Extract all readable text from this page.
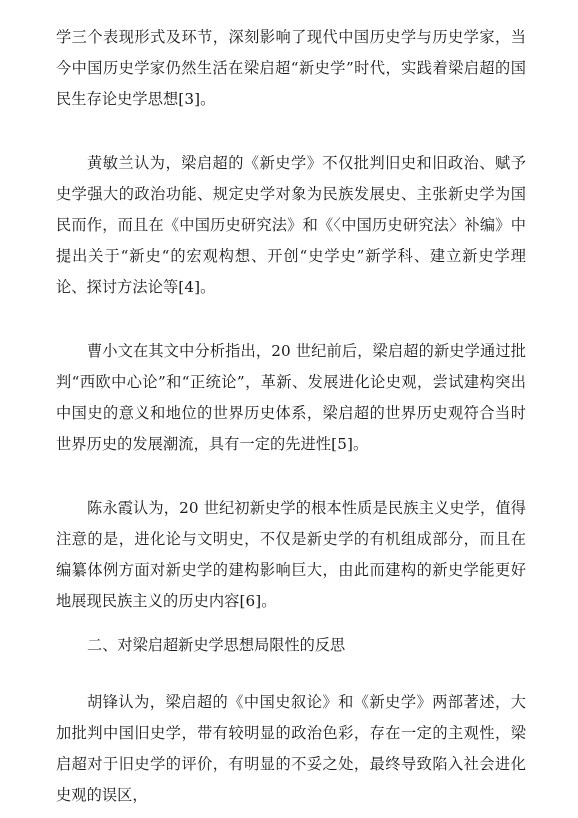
学三个表现形式及环节，深刻影响了现代中国历史学与历史学家，当今中国历史学家仍然生活在梁启超“新史学”时代，实践着梁启超的国民生存论史学思想[3]。

黄敏兰认为，梁启超的《新史学》不仅批判旧史和旧政治、赋予史学强大的政治功能、规定史学对象为民族发展史、主张新史学为国民而作，而且在《中国历史研究法》和《〈中国历史研究法〉补编》中提出关于“新史“的宏观构想、开创“史学史”新学科、建立新史学理论、探讨方法论等[4]。

曹小文在其文中分析指出，20 世纪前后，梁启超的新史学通过批判“西欧中心论”和“正统论”，革新、发展进化论史观，尝试建构突出中国史的意义和地位的世界历史体系，梁启超的世界历史观符合当时世界历史的发展潮流，具有一定的先进性[5]。

陈永霞认为，20 世纪初新史学的根本性质是民族主义史学，值得注意的是，进化论与文明史，不仅是新史学的有机组成部分，而且在编纂体例方面对新史学的建构影响巨大，由此而建构的新史学能更好地展现民族主义的历史内容[6]。

二、对梁启超新史学思想局限性的反思

胡锋认为，梁启超的《中国史叙论》和《新史学》两部著述，大加批判中国旧史学，带有较明显的政治色彩，存在一定的主观性，梁启超对于旧史学的评价，有明显的不妥之处，最终导致陷入社会进化史观的误区，
